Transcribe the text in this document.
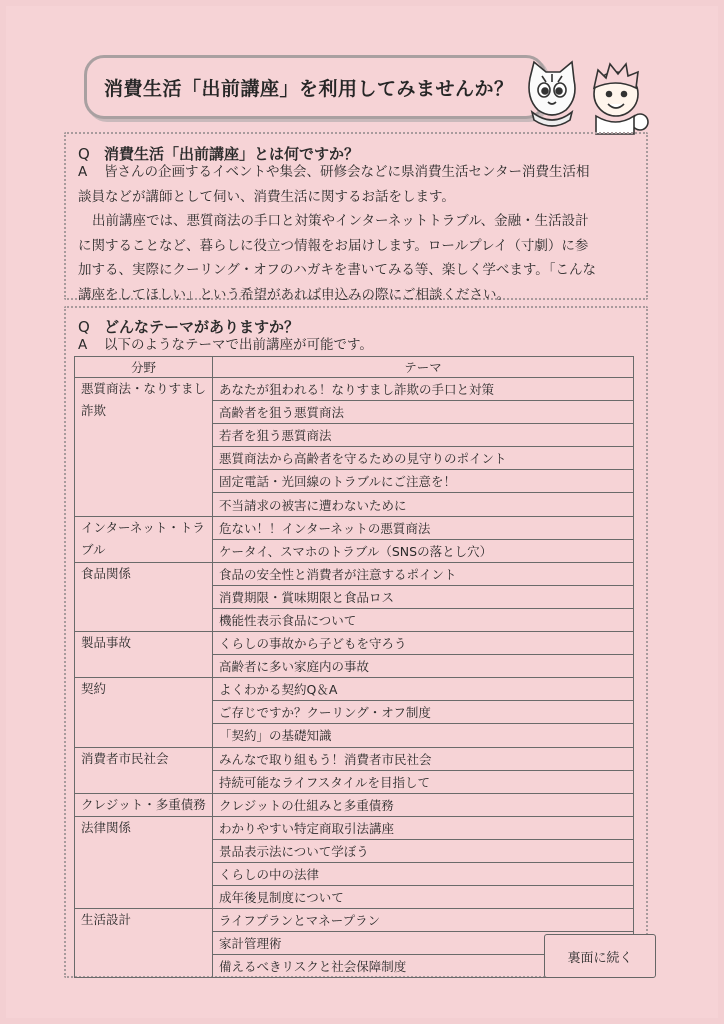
消費生活「出前講座」を利用してみませんか？
Q 消費生活「出前講座」とは何ですか？
A 皆さんの企画するイベントや集会、研修会などに県消費生活センター消費生活相
談員などが講師として伺い、消費生活に関するお話をします。
出前講座では、悪質商法の手口と対策やインターネットトラブル、金融・生活設計
に関することなど、暮らしに役立つ情報をお届けします。ロールプレイ（寸劇）に参
加する、実際にクーリング・オフのハガキを書いてみる等、楽しく学べます。「こんな
講座をしてほしい」という希望があれば申込みの際にご相談ください。
Q どんなテーマがありますか？
A 以下のようなテーマで出前講座が可能です。
分野	テーマ
悪質商法・なりすまし詐欺	あなたが狙われる！なりすまし詐欺の手口と対策
	高齢者を狙う悪質商法
	若者を狙う悪質商法
	悪質商法から高齢者を守るための見守りのポイント
	固定電話・光回線のトラブルにご注意を！
	不当請求の被害に遭わないために
インターネット・トラブル	危ない！！インターネットの悪質商法
	ケータイ、スマホのトラブル（SNSの落とし穴）
食品関係	食品の安全性と消費者が注意するポイント
	消費期限・賞味期限と食品ロス
	機能性表示食品について
製品事故	くらしの事故から子どもを守ろう
	高齢者に多い家庭内の事故
契約	よくわかる契約Q＆A
	ご存じですか？クーリング・オフ制度
	「契約」の基礎知識
消費者市民社会	みんなで取り組もう！消費者市民社会
	持続可能なライフスタイルを目指して
クレジット・多重債務	クレジットの仕組みと多重債務
法律関係	わかりやすい特定商取引法講座
	景品表示法について学ぼう
	くらしの中の法律
	成年後見制度について
生活設計	ライフプランとマネープラン
	家計管理術
	備えるべきリスクと社会保障制度
裏面に続く
